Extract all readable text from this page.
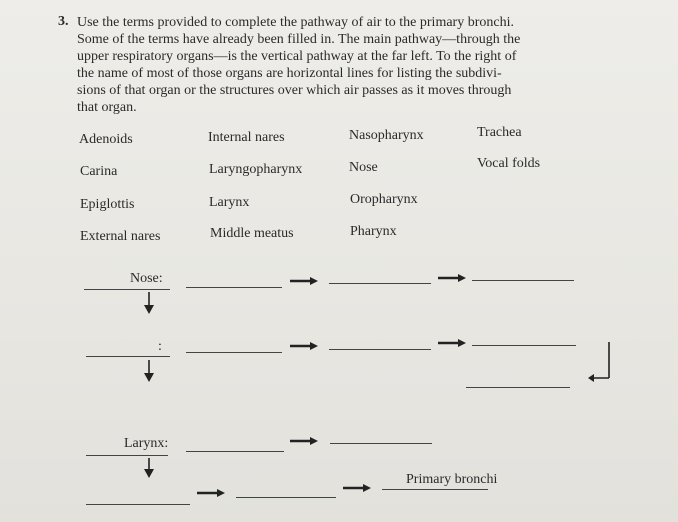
3. Use the terms provided to complete the pathway of air to the primary bronchi.
Some of the terms have already been filled in. The main pathway—through the
upper respiratory organs—is the vertical pathway at the far left. To the right of
the name of most of those organs are horizontal lines for listing the subdivi-
sions of that organ or the structures over which air passes as it moves through
that organ.
Adenoids	Internal nares	Nasopharynx	Trachea
Carina	Laryngopharynx	Nose	Vocal folds
Epiglottis	Larynx	Oropharynx
External nares	Middle meatus	Pharynx
Nose:
:
Larynx:
Primary bronchi
